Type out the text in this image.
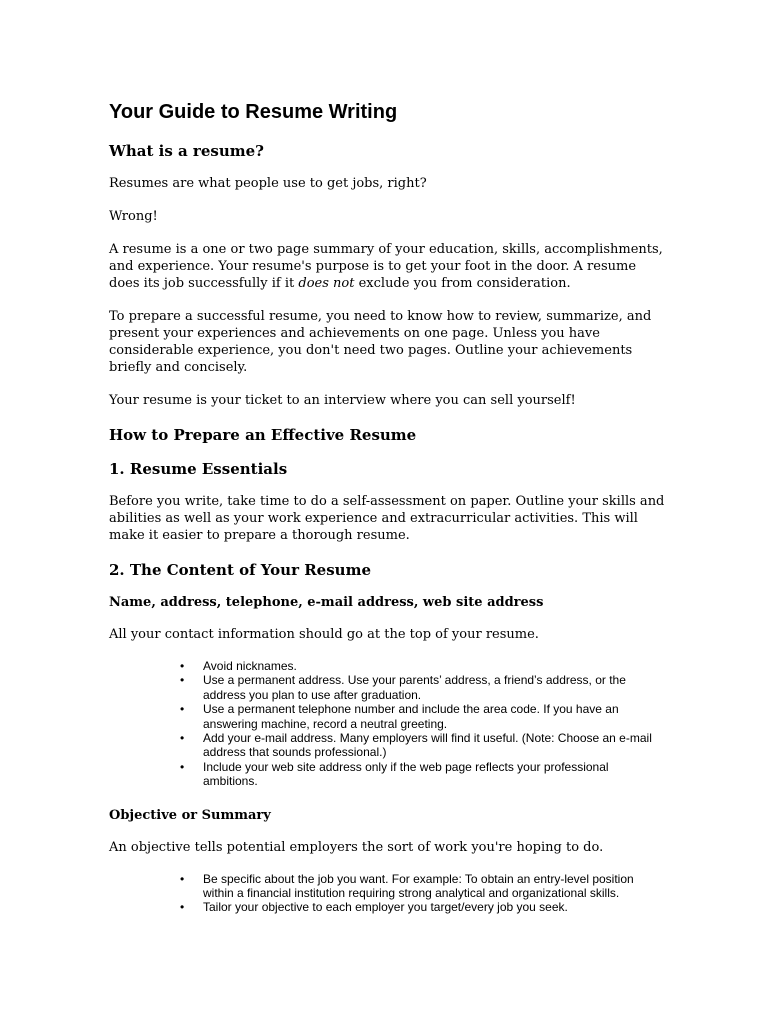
Your Guide to Resume Writing
What is a resume?

Resumes are what people use to get jobs, right?

Wrong!

A resume is a one or two page summary of your education, skills, accomplishments, and experience. Your resume's purpose is to get your foot in the door. A resume does its job successfully if it does not exclude you from consideration.

To prepare a successful resume, you need to know how to review, summarize, and present your experiences and achievements on one page. Unless you have considerable experience, you don't need two pages. Outline your achievements briefly and concisely.

Your resume is your ticket to an interview where you can sell yourself!

How to Prepare an Effective Resume
1. Resume Essentials

Before you write, take time to do a self-assessment on paper. Outline your skills and abilities as well as your work experience and extracurricular activities. This will make it easier to prepare a thorough resume.

2. The Content of Your Resume
Name, address, telephone, e-mail address, web site address

All your contact information should go at the top of your resume.

• Avoid nicknames.
• Use a permanent address. Use your parents’ address, a friend’s address, or the address you plan to use after graduation.
• Use a permanent telephone number and include the area code. If you have an answering machine, record a neutral greeting.
• Add your e-mail address. Many employers will find it useful. (Note: Choose an e-mail address that sounds professional.)
• Include your web site address only if the web page reflects your professional ambitions.
Objective or Summary

An objective tells potential employers the sort of work you're hoping to do.

• Be specific about the job you want. For example: To obtain an entry-level position within a financial institution requiring strong analytical and organizational skills.
• Tailor your objective to each employer you target/every job you seek.
